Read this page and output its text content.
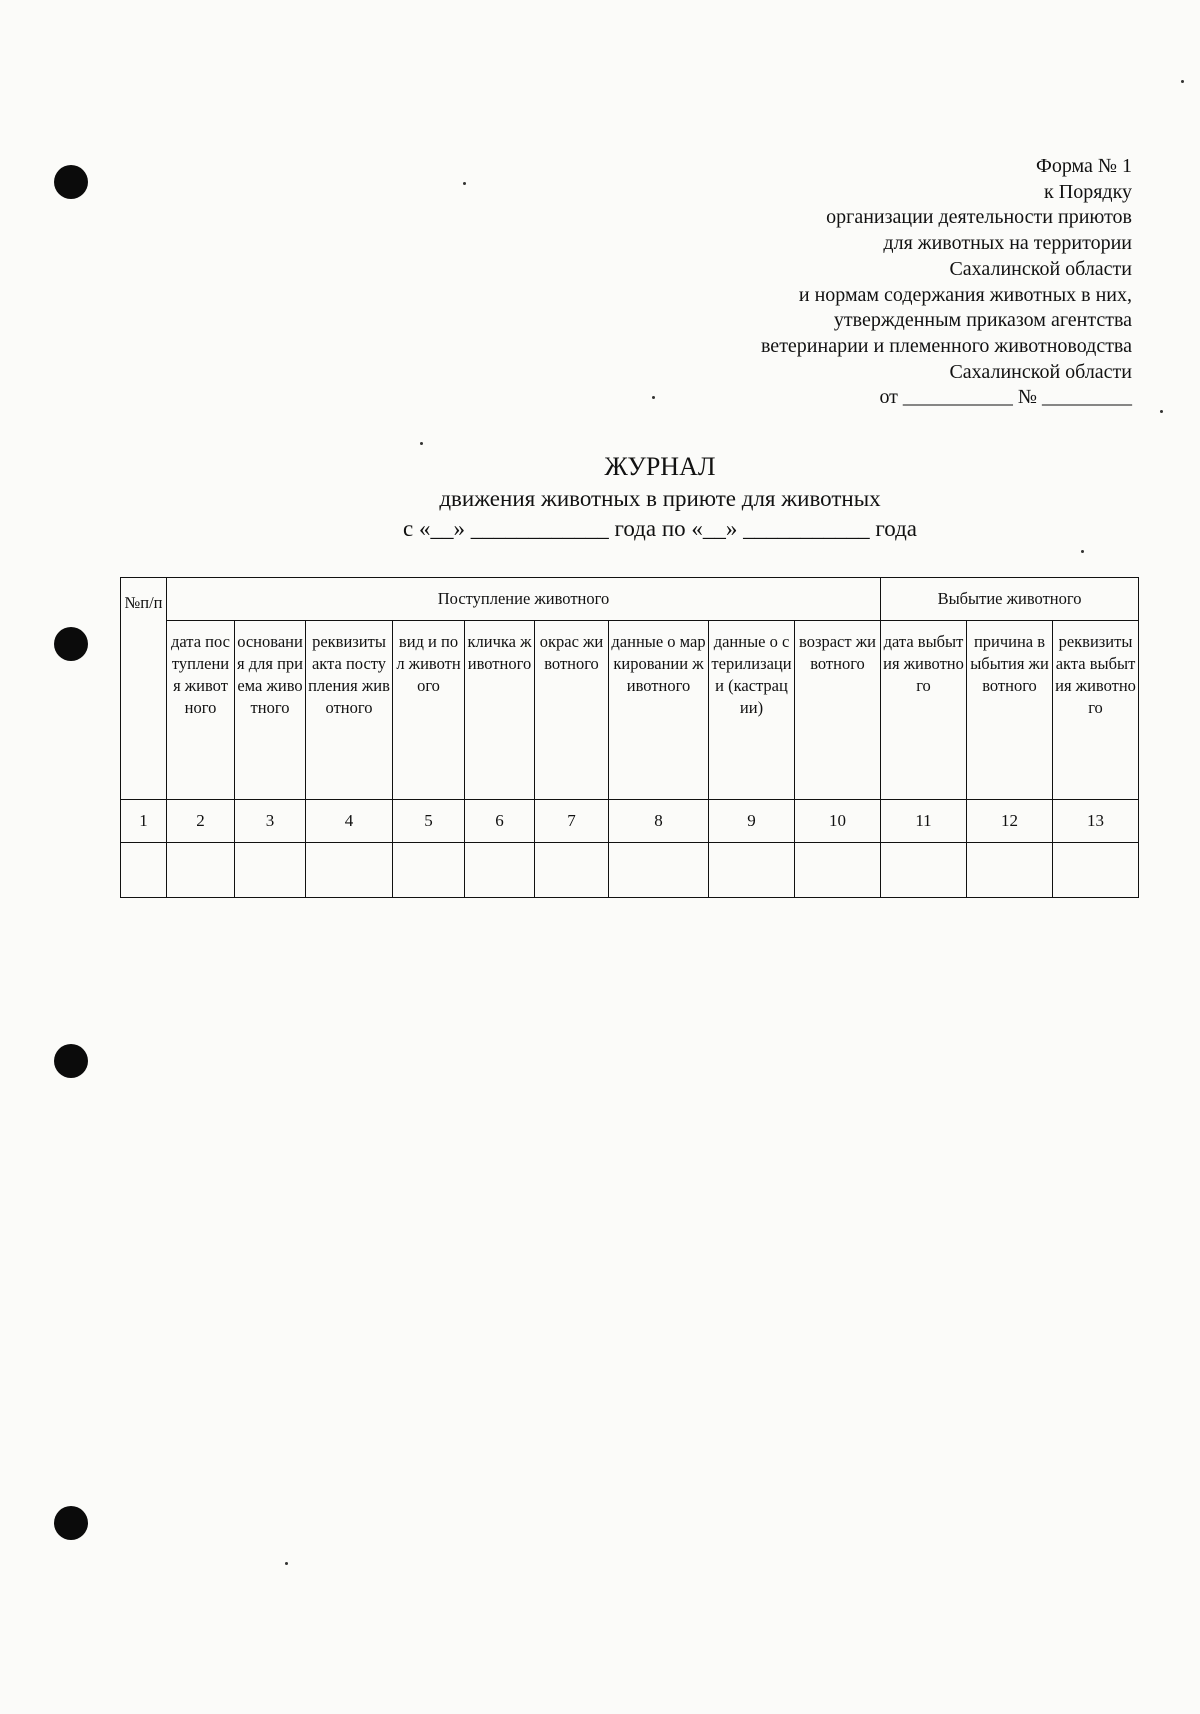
Форма № 1
к Порядку
организации деятельности приютов
для животных на территории
Сахалинской области
и нормам содержания животных в них,
утвержденным приказом агентства
ветеринарии и племенного животноводства
Сахалинской области
от ___________ № _________
ЖУРНАЛ
движения животных в приюте для животных
с «__» ____________ года по «__» ___________ года
№п/п	Поступление животного									Выбытие животного		

	дата поступления животного	основания для приема животного	реквизиты акта поступления животного	вид и пол животного	кличка животного	окрас животного	данные о маркировании животного	данные о стерилизации (кастрации)	возраст животного	дата выбытия животного	причина выбытия животного	реквизиты акта выбытия животного

1	2	3	4	5	6	7	8	9	10	11	12	13
